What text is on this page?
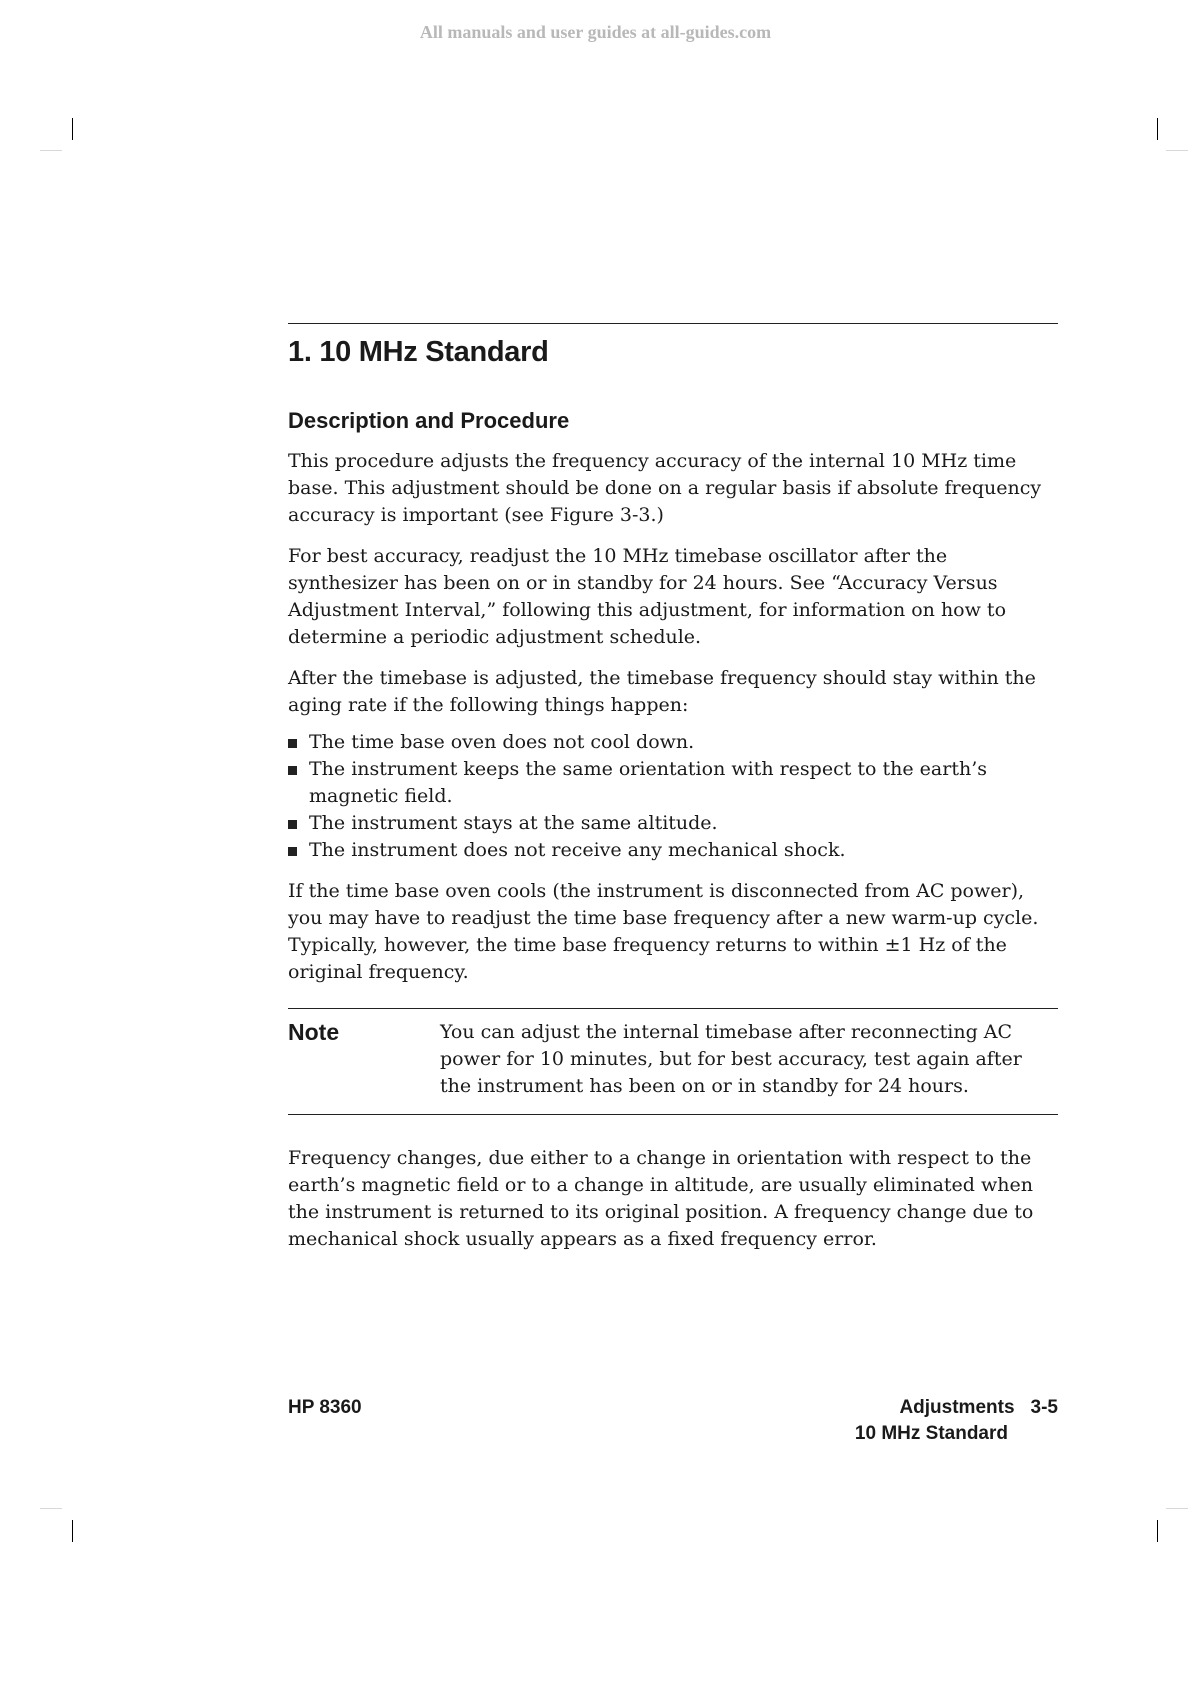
All manuals and user guides at all-guides.com
1. 10 MHz Standard
Description and Procedure

This procedure adjusts the frequency accuracy of the internal 10 MHz time base. This adjustment should be done on a regular basis if absolute frequency accuracy is important (see Figure 3-3.)

For best accuracy, readjust the 10 MHz timebase oscillator after the synthesizer has been on or in standby for 24 hours. See “Accuracy Versus Adjustment Interval,” following this adjustment, for information on how to determine a periodic adjustment schedule.

After the timebase is adjusted, the timebase frequency should stay within the aging rate if the following things happen:

The time base oven does not cool down.
The instrument keeps the same orientation with respect to the earth’s magnetic field.
The instrument stays at the same altitude.
The instrument does not receive any mechanical shock.

If the time base oven cools (the instrument is disconnected from AC power), you may have to readjust the time base frequency after a new warm-up cycle. Typically, however, the time base frequency returns to within ±1 Hz of the original frequency.

Note	You can adjust the internal timebase after reconnecting AC power for 10 minutes, but for best accuracy, test again after the instrument has been on or in standby for 24 hours.

Frequency changes, due either to a change in orientation with respect to the earth’s magnetic field or to a change in altitude, are usually eliminated when the instrument is returned to its original position. A frequency change due to mechanical shock usually appears as a fixed frequency error.

HP 8360	Adjustments 3-5
10 MHz Standard
